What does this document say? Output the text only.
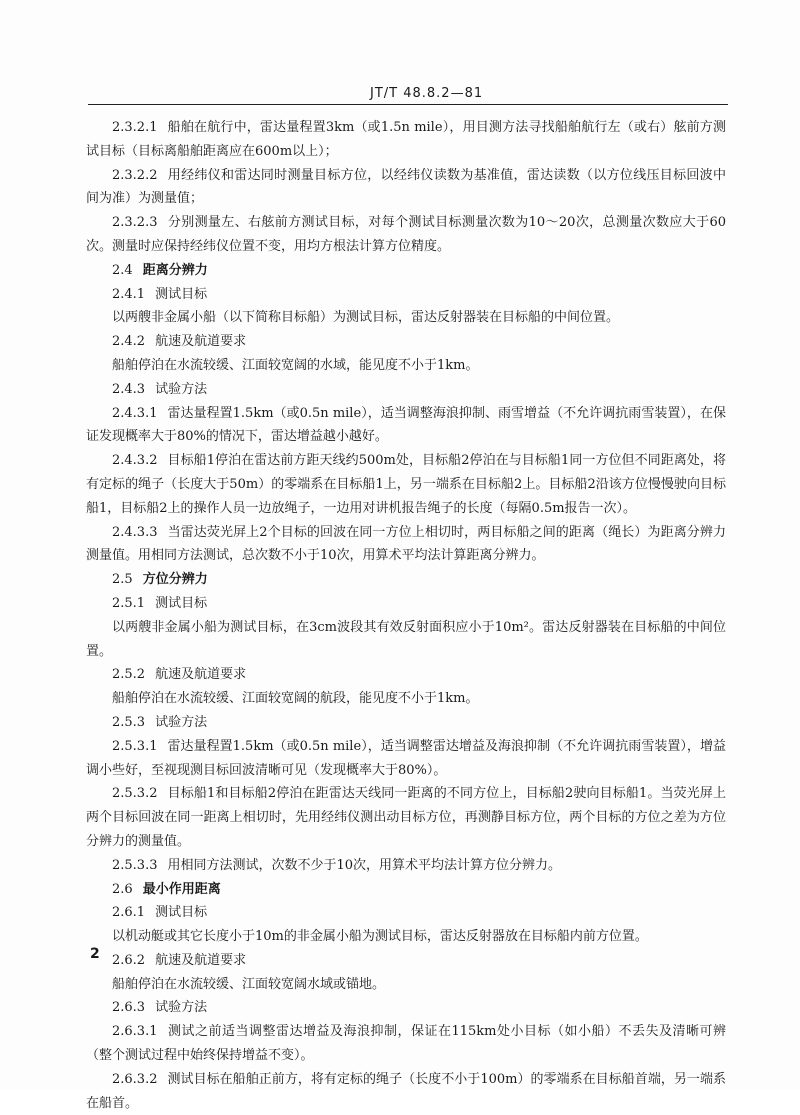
JT/T 48.8.2—81

2.3.2.1 船舶在航行中，雷达量程置3km（或1.5n mile），用目测方法寻找船舶航行左（或右）舷前方测试目标（目标离船舶距离应在600m以上）；

2.3.2.2 用经纬仪和雷达同时测量目标方位，以经纬仪读数为基准值，雷达读数（以方位线压目标回波中间为准）为测量值；

2.3.2.3 分别测量左、右舷前方测试目标，对每个测试目标测量次数为10～20次，总测量次数应大于60次。测量时应保持经纬仪位置不变，用均方根法计算方位精度。

2.4 距离分辨力

2.4.1 测试目标

以两艘非金属小船（以下简称目标船）为测试目标，雷达反射器装在目标船的中间位置。

2.4.2 航速及航道要求

船舶停泊在水流较缓、江面较宽阔的水域，能见度不小于1km。

2.4.3 试验方法

2.4.3.1 雷达量程置1.5km（或0.5n mile），适当调整海浪抑制、雨雪增益（不允许调抗雨雪装置），在保证发现概率大于80%的情况下，雷达增益越小越好。

2.4.3.2 目标船1停泊在雷达前方距天线约500m处，目标船2停泊在与目标船1同一方位但不同距离处，将有定标的绳子（长度大于50m）的零端系在目标船1上，另一端系在目标船2上。目标船2沿该方位慢慢驶向目标船1，目标船2上的操作人员一边放绳子，一边用对讲机报告绳子的长度（每隔0.5m报告一次）。

2.4.3.3 当雷达荧光屏上2个目标的回波在同一方位上相切时，两目标船之间的距离（绳长）为距离分辨力测量值。用相同方法测试，总次数不小于10次，用算术平均法计算距离分辨力。

2.5 方位分辨力

2.5.1 测试目标

以两艘非金属小船为测试目标，在3cm波段其有效反射面积应小于10m²。雷达反射器装在目标船的中间位置。

2.5.2 航速及航道要求

船舶停泊在水流较缓、江面较宽阔的航段，能见度不小于1km。

2.5.3 试验方法

2.5.3.1 雷达量程置1.5km（或0.5n mile），适当调整雷达增益及海浪抑制（不允许调抗雨雪装置），增益调小些好，至视现测目标回波清晰可见（发现概率大于80%）。

2.5.3.2 目标船1和目标船2停泊在距雷达天线同一距离的不同方位上，目标船2驶向目标船1。当荧光屏上两个目标回波在同一距离上相切时，先用经纬仪测出动目标方位，再测静目标方位，两个目标的方位之差为方位分辨力的测量值。

2.5.3.3 用相同方法测试，次数不少于10次，用算术平均法计算方位分辨力。

2.6 最小作用距离

2.6.1 测试目标

以机动艇或其它长度小于10m的非金属小船为测试目标，雷达反射器放在目标船内前方位置。

2.6.2 航速及航道要求

船舶停泊在水流较缓、江面较宽阔水域或锚地。

2.6.3 试验方法

2.6.3.1 测试之前适当调整雷达增益及海浪抑制，保证在115km处小目标（如小船）不丢失及清晰可辨（整个测试过程中始终保持增益不变）。

2.6.3.2 测试目标在船舶正前方，将有定标的绳子（长度不小于100m）的零端系在目标船首端，另一端系在船首。

2
